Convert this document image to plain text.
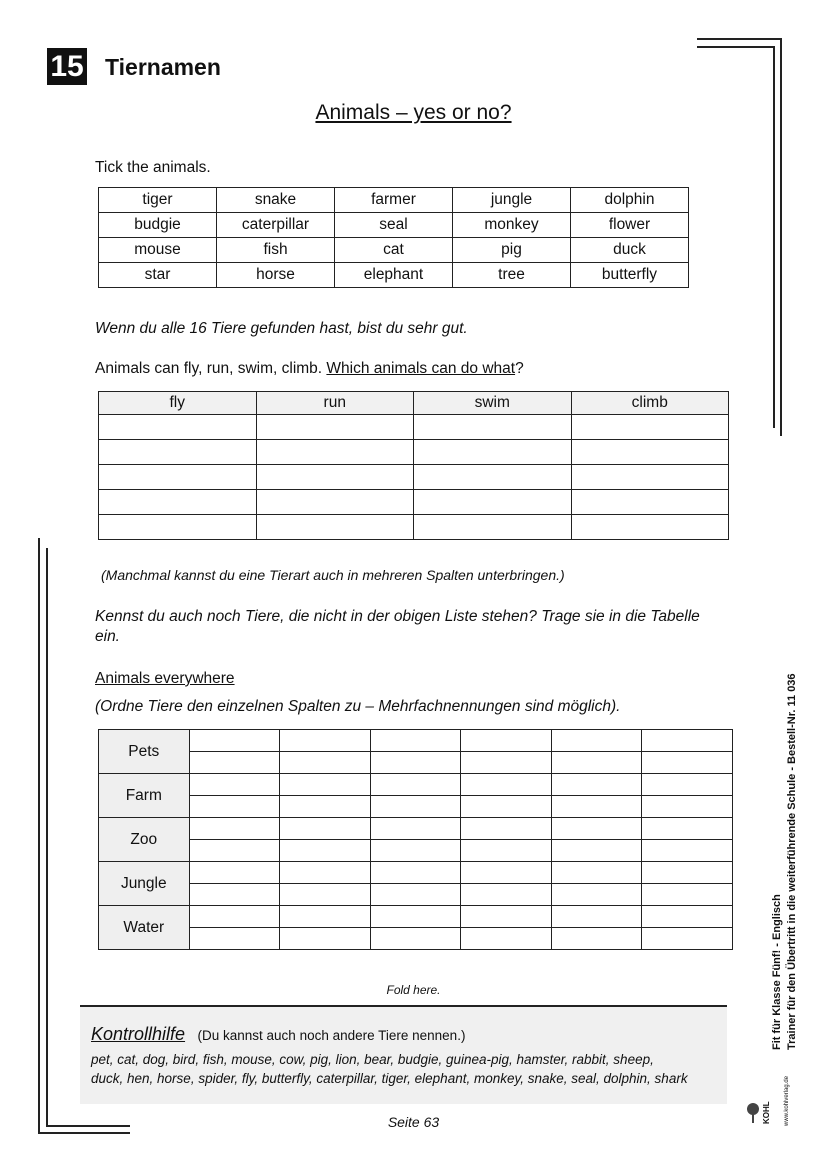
15 Tiernamen
Animals – yes or no?
Tick the animals.
tiger	snake	farmer	jungle	dolphin
budgie	caterpillar	seal	monkey	flower
mouse	fish	cat	pig	duck
star	horse	elephant	tree	butterfly
Wenn du alle 16 Tiere gefunden hast, bist du sehr gut.
Animals can fly, run, swim, climb. Which animals can do what?
fly	run	swim	climb

(Manchmal kannst du eine Tierart auch in mehreren Spalten unterbringen.)
Kennst du auch noch Tiere, die nicht in der obigen Liste stehen? Trage sie in die Tabelle ein.
Animals everywhere
(Ordne Tiere den einzelnen Spalten zu – Mehrfachnennungen sind möglich).
Pets						

Farm						

Zoo						

Jungle						

Water						

Fold here.
Kontrollhilfe (Du kannst auch noch andere Tiere nennen.)
pet, cat, dog, bird, fish, mouse, cow, pig, lion, bear, budgie, guinea-pig, hamster, rabbit, sheep,
duck, hen, horse, spider, fly, butterfly, caterpillar, tiger, elephant, monkey, snake, seal, dolphin, shark
Fit für Klasse Fünf! - Englisch Trainer für den Übertritt in die weiterführende Schule - Bestell-Nr. 11 036
KOHL www.kohlverlag.de
Seite 63
